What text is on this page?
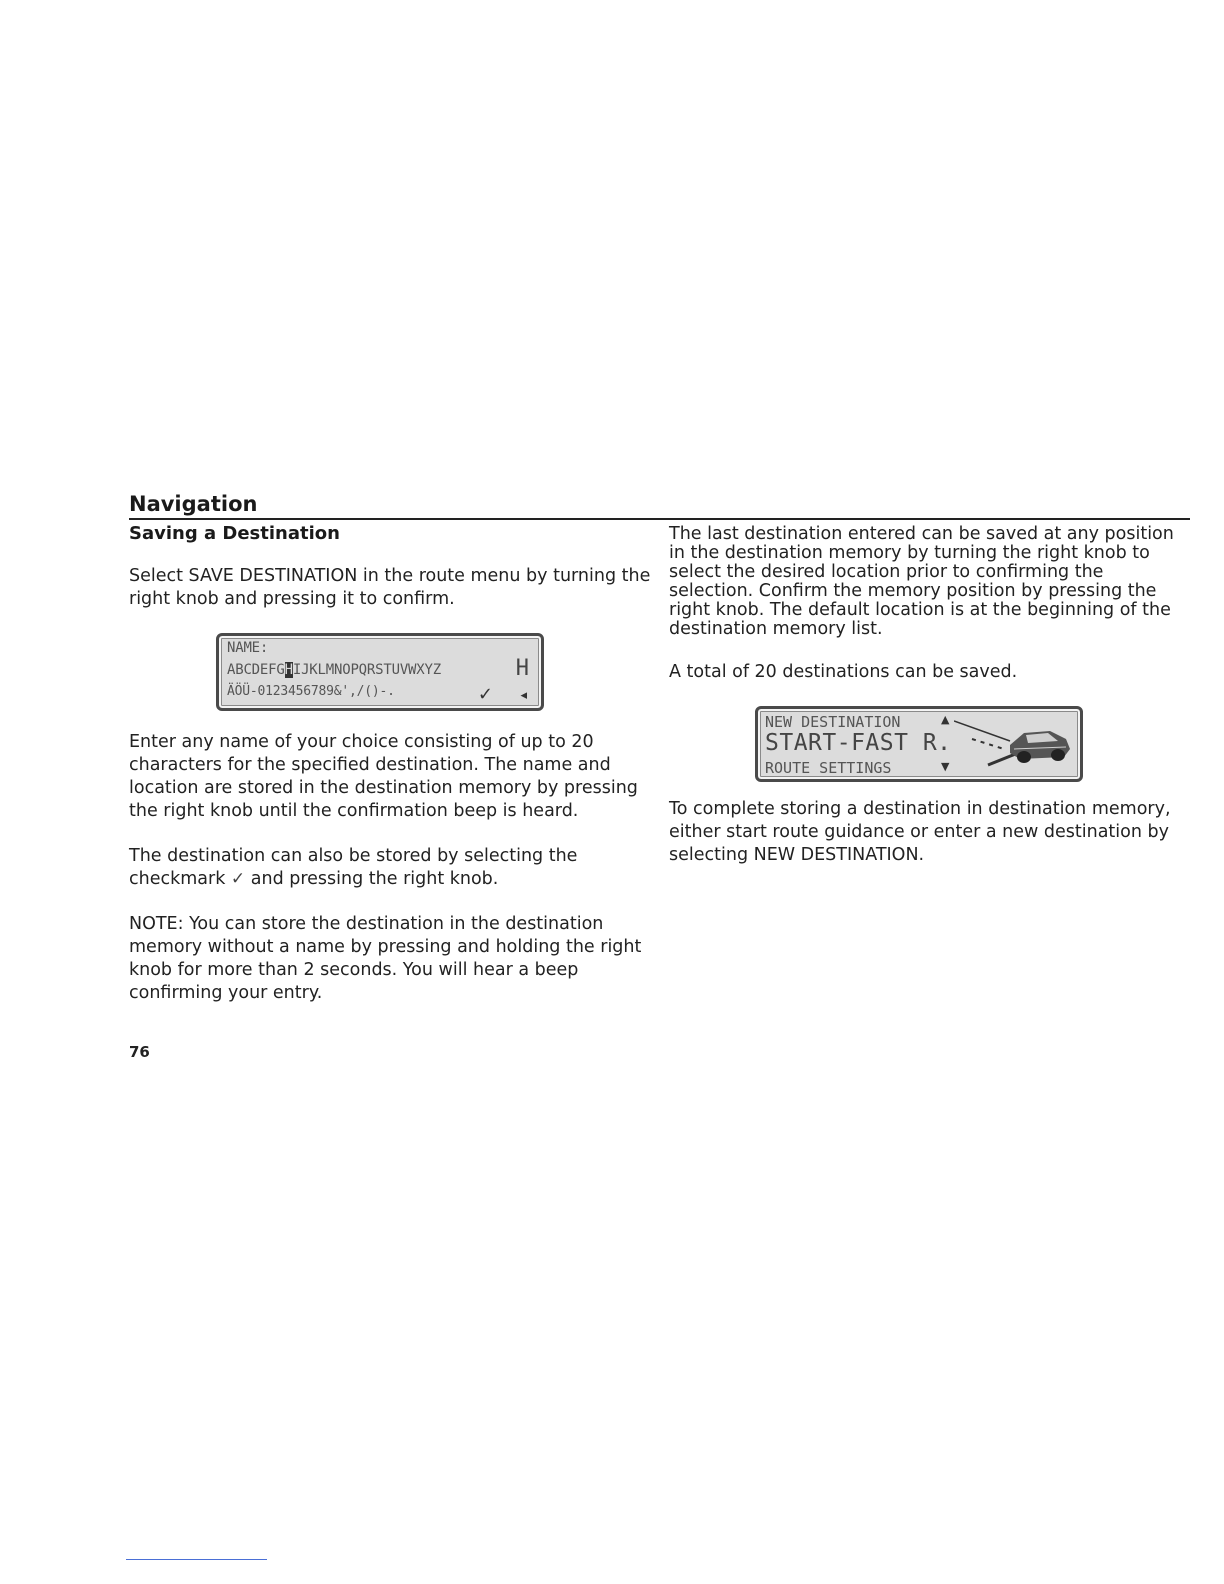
Navigation
Saving a Destination

Select SAVE DESTINATION in the route menu by turning the right knob and pressing it to confirm.

NAME:
ABCDEFGHIJKLMNOPQRSTUVWXYZ	H
ÄÖÜ-0123456789&',/()-.	✓ ◂

Enter any name of your choice consisting of up to 20 characters for the specified destination. The name and location are stored in the destination memory by pressing the right knob until the confirmation beep is heard.

The destination can also be stored by selecting the checkmark ✓ and pressing the right knob.

NOTE: You can store the destination in the destination memory without a name by pressing and holding the right knob for more than 2 seconds. You will hear a beep confirming your entry.

The last destination entered can be saved at any position in the destination memory by turning the right knob to select the desired location prior to confirming the selection. Confirm the memory position by pressing the right knob. The default location is at the beginning of the destination memory list.

A total of 20 destinations can be saved.

NEW DESTINATION
START-FAST R.
ROUTE SETTINGS
▲
▼

To complete storing a destination in destination memory, either start route guidance or enter a new destination by selecting NEW DESTINATION.

76
